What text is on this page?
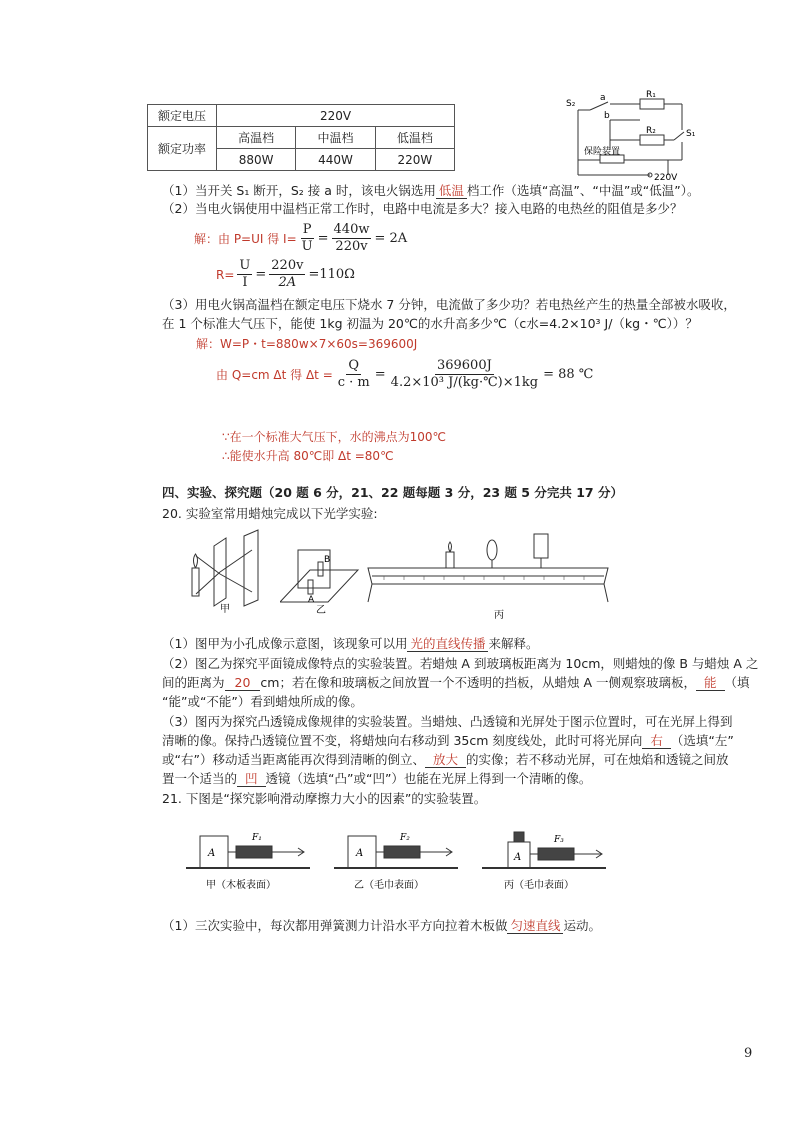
额定电压	220V		
额定功率	高温档	中温档	低温档
	880W	440W	220W
S₂
a
b
R₁
R₂	S₁
保险装置
220V
（1）当开关 S₁ 断开，S₂ 接 a 时，该电火锅选用 低温 档工作（选填“高温”、“中温”或“低温”）。
（2）当电火锅使用中温档正常工作时，电路中电流是多大？接入电路的电热丝的阻值是多少？
解：由 P=UI 得 $I= \frac{P}{U} = \frac{440w}{220v} = 2A$
$R= \frac{U}{I} = \frac{220v}{2A} =110\Omega$
（3）用电火锅高温档在额定电压下烧水 7 分钟，电流做了多少功？若电热丝产生的热量全部被水吸收，
在 1 个标准大气压下，能使 1kg 初温为 20℃的水升高多少℃（c水=4.2×10³ J/（kg・℃））？
解：W=P・t=880w×7×60s=369600J
由 Q=cm Δt 得 $\Delta t = \frac{Q}{c \cdot m} = \frac{369600J}{\text{4.2×10³ J/(kg·℃)×1kg}} = 88$ ℃
∵在一个标准大气压下，水的沸点为100℃
∴能使水升高 80℃即 Δt =80℃
四、实验、探究题（20 题 6 分，21、22 题每题 3 分，23 题 5 分完共 17 分）
20. 实验室常用蜡烛完成以下光学实验:
甲
B
A
乙	丙
（1）图甲为小孔成像示意图，该现象可以用 光的直线传播 来解释。
（2）图乙为探究平面镜成像特点的实验装置。若蜡烛 A 到玻璃板距离为 10cm，则蜡烛的像 B 与蜡烛 A 之
间的距离为 20 cm；若在像和玻璃板之间放置一个不透明的挡板，从蜡烛 A 一侧观察玻璃板， 能 （填
“能”或“不能”）看到蜡烛所成的像。
（3）图丙为探究凸透镜成像规律的实验装置。当蜡烛、凸透镜和光屏处于图示位置时，可在光屏上得到
清晰的像。保持凸透镜位置不变，将蜡烛向右移动到 35cm 刻度线处，此时可将光屏向 右 （选填“左”
或“右”）移动适当距离能再次得到清晰的倒立、 放大 的实像；若不移动光屏，可在烛焰和透镜之间放
置一个适当的 凹 透镜（选填“凸”或“凹”）也能在光屏上得到一个清晰的像。
21. 下图是“探究影响滑动摩擦力大小的因素”的实验装置。
A
F₁
甲（木板表面）
A
F₂
乙（毛巾表面）
A
F₃
丙（毛巾表面）
（1）三次实验中，每次都用弹簧测力计沿水平方向拉着木板做 匀速直线 运动。
9
